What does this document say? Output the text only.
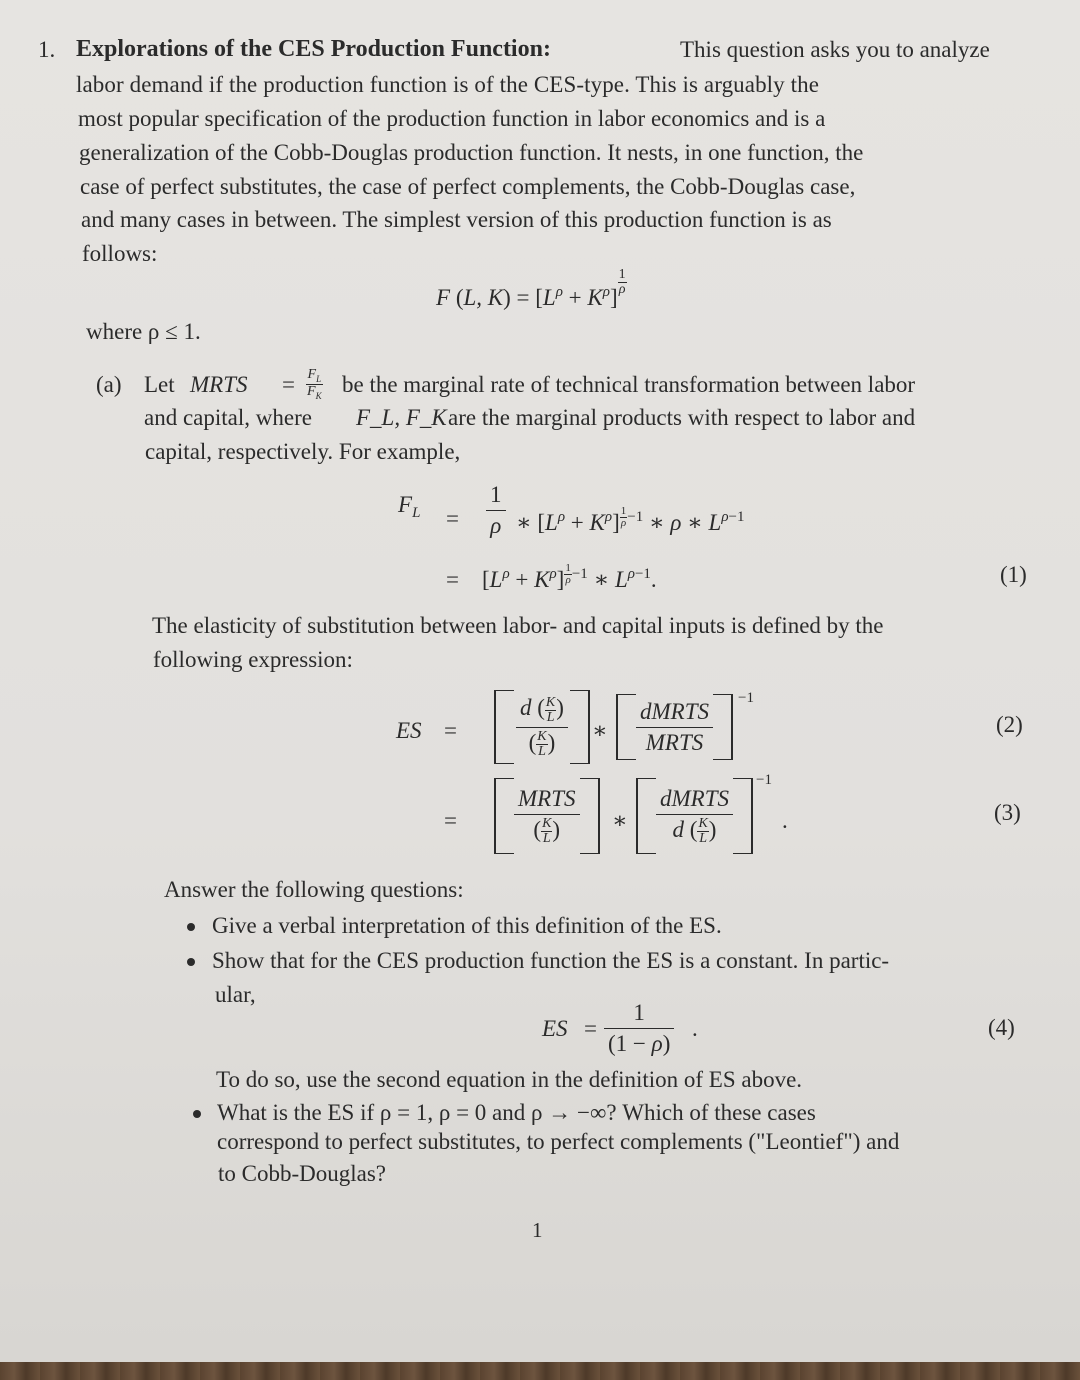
1. Explorations of the CES Production Function:	This question asks you to analyze
labor demand if the production function is of the CES-type. This is arguably the
most popular specification of the production function in labor economics and is a
generalization of the Cobb-Douglas production function. It nests, in one function, the
case of perfect substitutes, the case of perfect complements, the Cobb-Douglas case,
and many cases in between. The simplest version of this production function is as
follows:
F (L, $K) = [L^\rho + K^\rho]$
$\frac{1}{\rho}$
where ρ ≤ 1.
(a) Let MRTS = $F_L$
$F_K$ be the marginal rate of technical transformation between labor
and capital, where F_L, F_K are the marginal products with respect to labor and
capital, respectively. For example,
$F_L = \frac{1}{\rho}$ ∗ $[L^\rho + K^\rho]$ $^{\frac{1}{\rho} -1}$ ∗ ρ ∗ $L^{\rho-1}$
=    $[L^\rho + K^\rho]$ $^{\frac{1}{\rho} -1}$ ∗ $L^{\rho-1}$.	(1)
The elasticity of substitution between labor- and capital inputs is defined by the
following expression:
ES =	$\frac{d ( \frac{K}{L} )}{( \frac{K}{L} )}$ ∗ $\frac{\text{dMRTS}}{\text{MRTS}}$
−1
(2)
= $\frac{\text{MRTS}}{( \frac{K}{L} )}$ ∗ $\frac{\text{dMRTS}}{d ( \frac{K}{L} )}$
−1
.	(3)
Answer the following questions:
Give a verbal interpretation of this definition of the ES.
Show that for the CES production function the ES is a constant. In partic-
ular,
ES = $\frac{1}{(1 - \rho)}$ .	(4)
To do so, use the second equation in the definition of ES above.
What is the ES if ρ = 1, ρ = 0 and ρ → −∞? Which of these cases
correspond to perfect substitutes, to perfect complements ("Leontief") and
to Cobb-Douglas?
1
